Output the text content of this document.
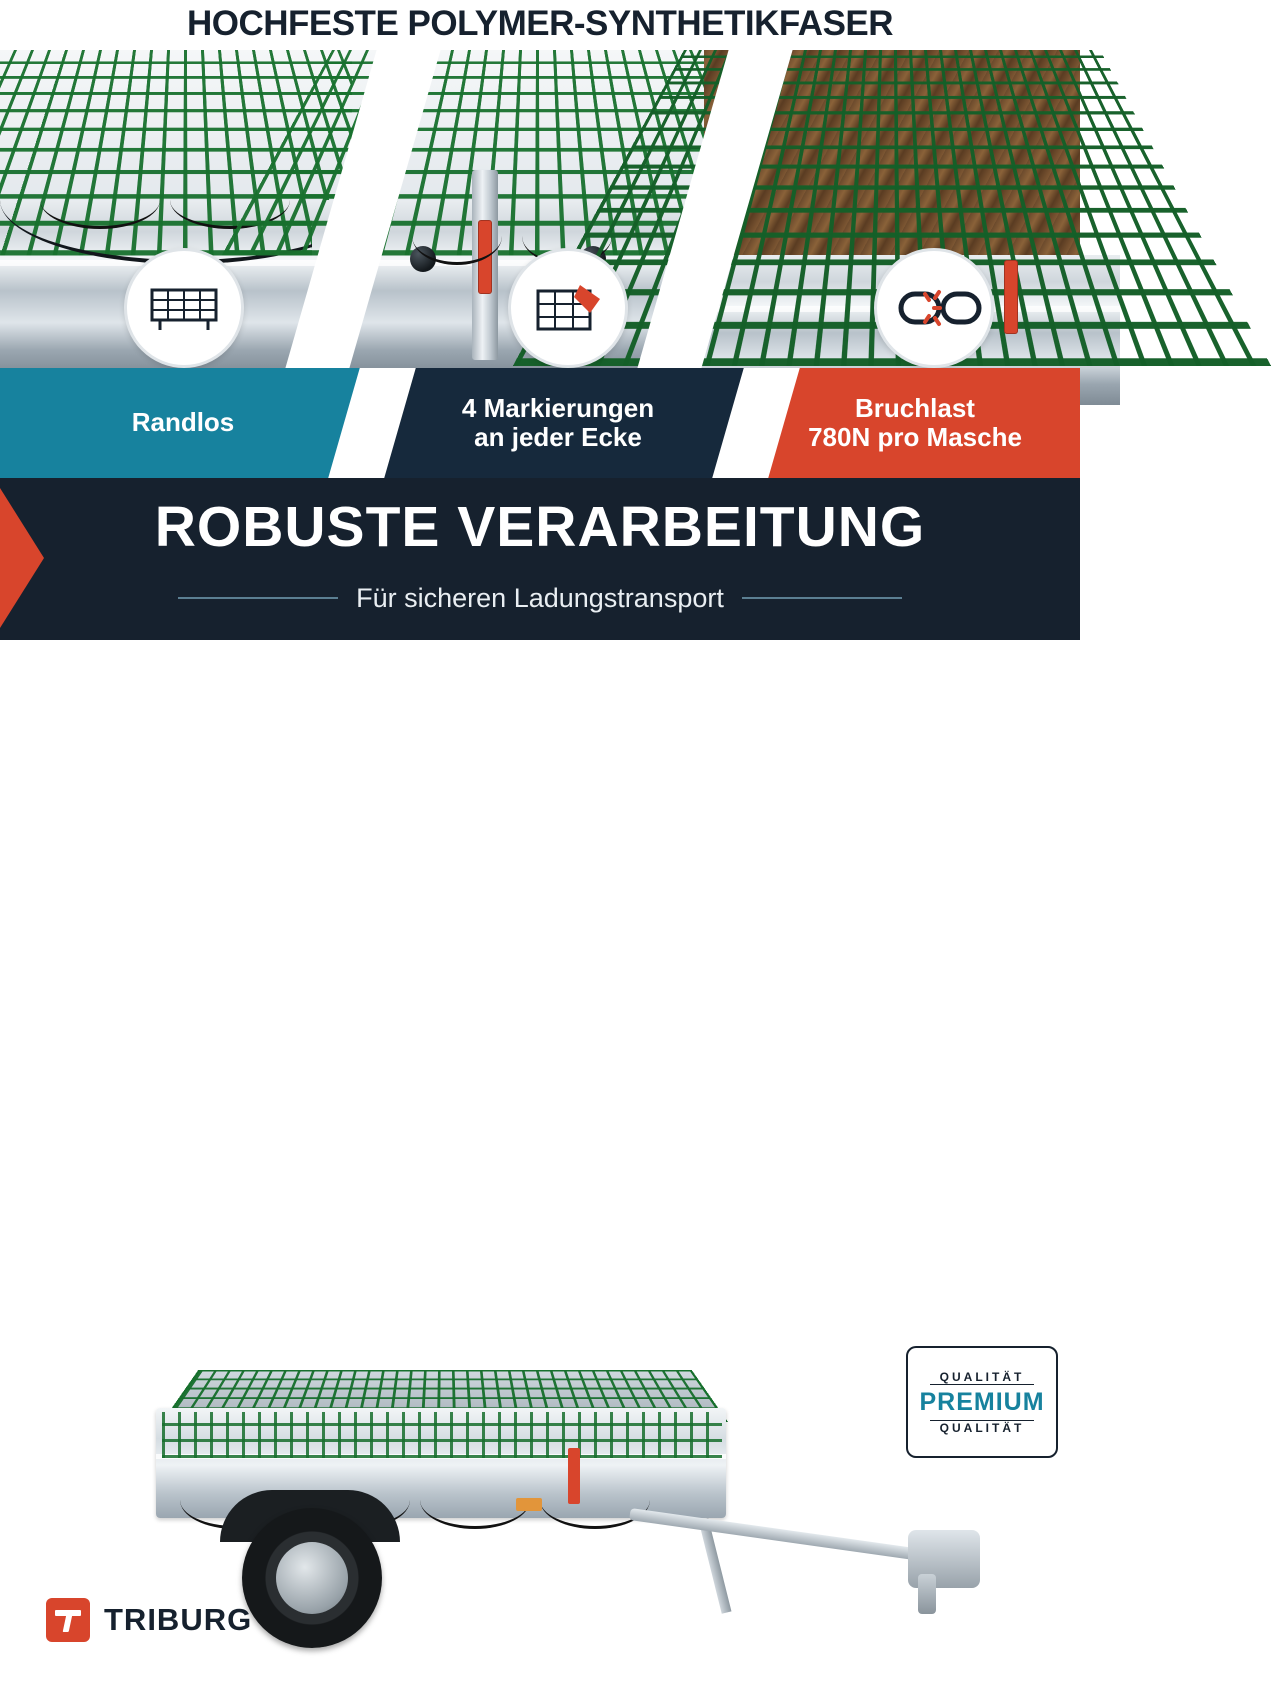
HOCHFESTE POLYMER-SYNTHETIKFASER
Randlos	4 Markierungen
an jeder Ecke
Bruchlast
780N pro Masche
ROBUSTE VERARBEITUNG
Für sicheren Ladungstransport
QUALITÄT
PREMIUM
QUALITÄT
TRIBURG
